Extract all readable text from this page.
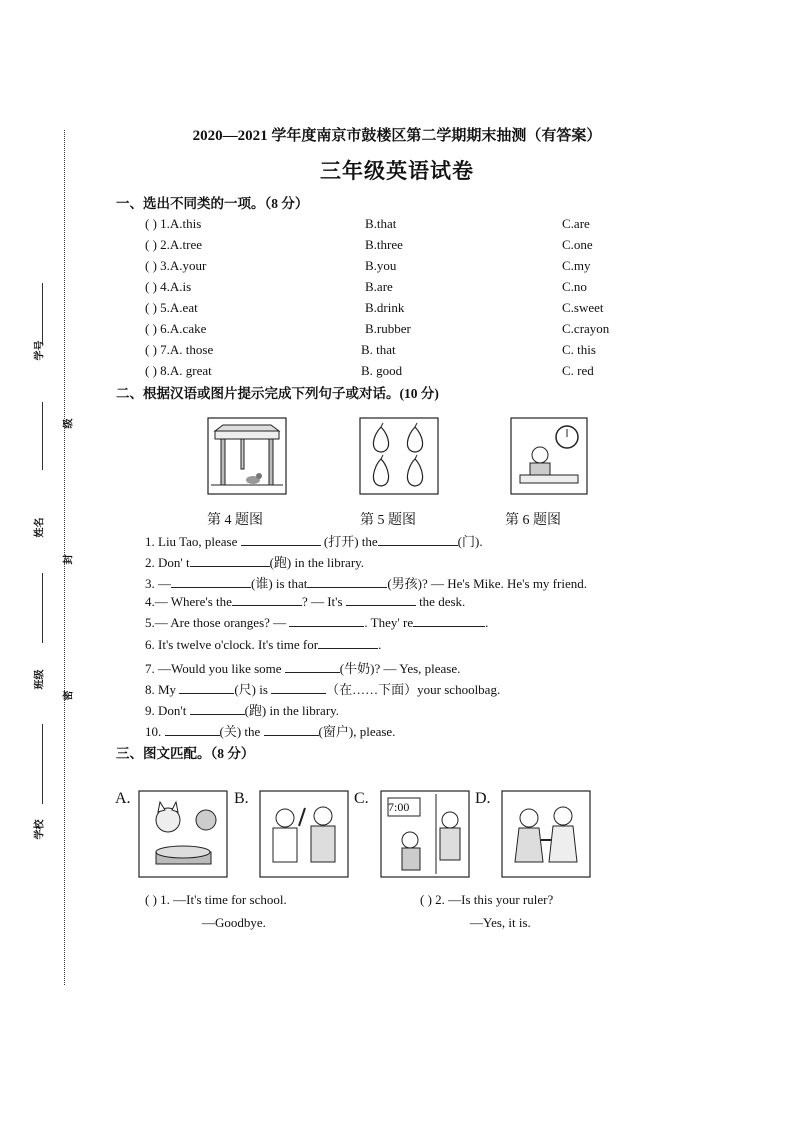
学号
级
姓名
封
班级
密
学校
2020—2021 学年度南京市鼓楼区第二学期期末抽测（有答案）
三年级英语试卷
一、选出不同类的一项。（8 分）
( ) 1.A.this	B.that	C.are
( ) 2.A.tree	B.three	C.one
( ) 3.A.your	B.you	C.my
( ) 4.A.is	B.are	C.no
( ) 5.A.eat	B.drink	C.sweet
( ) 6.A.cake	B.rubber	C.crayon
( ) 7.A. those	B. that	C. this
( ) 8.A. great	B. good	C. red
二、根据汉语或图片提示完成下列句子或对话。(10 分)
第 4 题图	第 5 题图	第 6 题图
1. Liu Tao, please	(打开) the	(门).
2. Don' t	(跑) in the library.
3. —	(谁) is that	(男孩)? — He's Mike. He's my friend.
4.— Where's the	? — It's	the desk.
5.— Are those oranges? —	. They' re	.
6. It's twelve o'clock. It's time for	.
7. —Would you like some	(牛奶)? — Yes, please.
8. My	(尺) is	（在……下面）your schoolbag.
9. Don't	(跑) in the library.
10.	(关) the	(窗户), please.
三、图文匹配。（8 分）
A.	B.	C. 7:00	D.
( ) 1. —It's time for school.
—Goodbye.
( ) 2. —Is this your ruler?
—Yes, it is.
